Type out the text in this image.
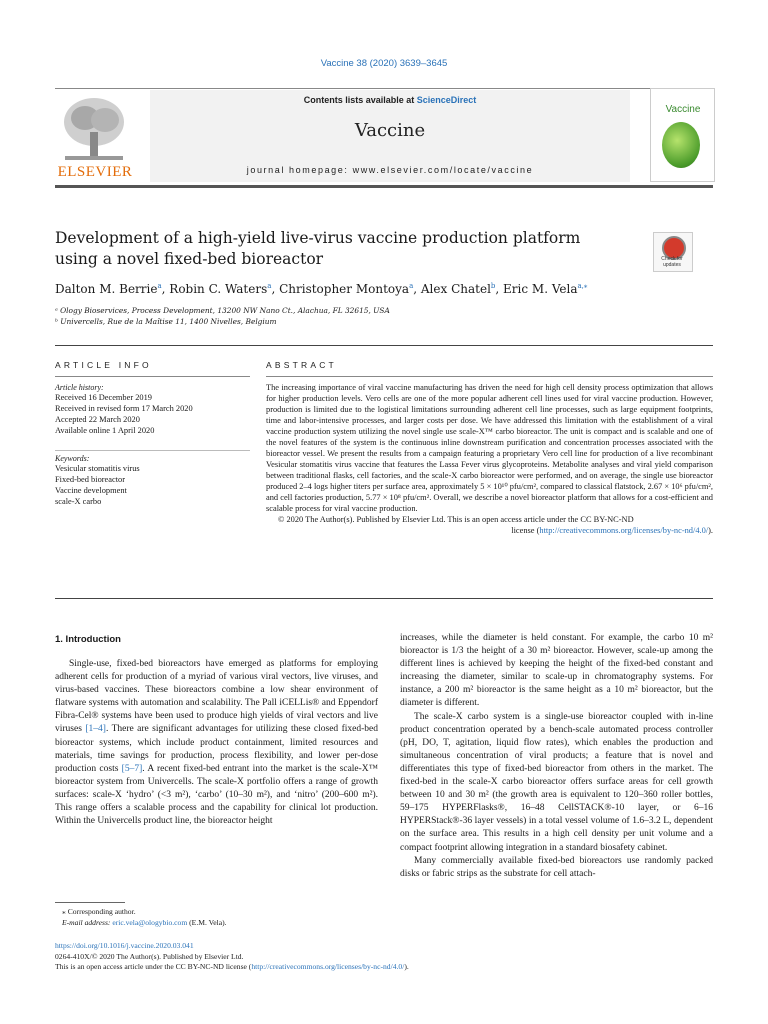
Vaccine 38 (2020) 3639–3645
ELSEVIER
Contents lists available at ScienceDirect
Vaccine
journal homepage: www.elsevier.com/locate/vaccine
Vaccine
Development of a high-yield live-virus vaccine production platform
using a novel fixed-bed bioreactor	Check for updates
Dalton M. Berrie$^a$, Robin C. Waters$^a$, Christopher Montoya$^a$, Alex Chatel$^b$, Eric M. Vela$^{a,⁎}$
ᵃ Ology Bioservices, Process Development, 13200 NW Nano Ct., Alachua, FL 32615, USA
ᵇ Univercells, Rue de la Maîtise 11, 1400 Nivelles, Belgium
ARTICLE INFO
Article history:
Received 16 December 2019
Received in revised form 17 March 2020
Accepted 22 March 2020
Available online 1 April 2020
Keywords:
Vesicular stomatitis virus
Fixed-bed bioreactor
Vaccine development
scale-X carbo
ABSTRACT

The increasing importance of viral vaccine manufacturing has driven the need for high cell density process optimization that allows for higher production levels. Vero cells are one of the more popular adherent cell lines used for viral vaccine production. However, production is limited due to the logistical limitations surrounding adherent cell line processes, such as large equipment footprints, time and labor-intensive processes, and larger costs per dose. We have addressed this limitation with the establishment of a viral vaccine production system utilizing the novel single use scale-X™ carbo bioreactor. The unit is compact and is scalable and one of the novel features of the system is the continuous inline downstream purification and concentration processes associated with the bioreactor vessel. We present the results from a campaign featuring a proprietary Vero cell line for production of a live recombinant Vesicular stomatitis virus vaccine that features the Lassa Fever virus glycoproteins. Metabolite analyses and viral yield comparison between traditional flasks, cell factories, and the scale-X carbo bioreactor were performed, and on average, the single use bioreactor produced 2–4 logs higher titers per surface area, approximately 5 × 10¹⁰ pfu/cm², compared to classical flatstock, 2.67 × 10⁶ pfu/cm², and cell factories production, 5.77 × 10⁸ pfu/cm². Overall, we describe a novel bioreactor platform that allows for a cost-efficient and scalable process for viral vaccine production.

© 2020 The Author(s). Published by Elsevier Ltd. This is an open access article under the CC BY-NC-ND

license (http://creativecommons.org/licenses/by-nc-nd/4.0/).

1. Introduction

Single-use, fixed-bed bioreactors have emerged as platforms for employing adherent cells for production of a myriad of various viral vectors, live viruses, and virus-based vaccines. These bioreactors combine a low shear environment of flatware systems with automation and scalability. The Pall iCELLis® and Eppendorf Fibra-Cel® systems have been used to produce high yields of viral vectors and live viruses [1–4]. There are significant advantages for utilizing these closed fixed-bed bioreactor systems, which include product containment, limited resources and materials, time savings for production, process flexibility, and lower per-dose production costs [5–7]. A recent fixed-bed entrant into the market is the scale-X™ bioreactor system from Univercells. The scale-X portfolio offers a range of growth surfaces: scale-X ‘hydro’ (<3 m²), ‘carbo’ (10–30 m²), and ‘nitro’ (200–600 m²). This range offers a scalable process and the capability for clinical lot production. Within the Univercells product line, the bioreactor height

increases, while the diameter is held constant. For example, the carbo 10 m² bioreactor is 1/3 the height of a 30 m² bioreactor. However, scale-up among the different lines is achieved by keeping the height of the fixed-bed constant and increasing the diameter, similar to scale-up in chromatography systems. For instance, a 200 m² bioreactor is the same height as a 10 m² bioreactor, but the diameter is different.

The scale-X carbo system is a single-use bioreactor coupled with in-line product concentration operated by a bench-scale automated process controller (pH, DO, T, agitation, liquid flow rates), which enables the production and simultaneous concentration of viral products; a feature that is novel and differentiates this type of fixed-bed bioreactor from others in the market. The fixed-bed in the scale-X carbo bioreactor offers surface areas for cell growth between 10 and 30 m² (the growth area is equivalent to 120–360 roller bottles, 59–175 HYPERFlasks®, 16–48 CellSTACK®-10 layer, or 6–16 HYPERStack®-36 layer vessels) in a total vessel volume of 1.6–3.2 L, dependent on the surface area. This results in a high cell density per unit volume and a compact footprint allowing integration in a standard biosafety cabinet.

Many commercially available fixed-bed bioreactors use randomly packed disks or fabric strips as the substrate for cell attach-

⁎ Corresponding author.
E-mail address: eric.vela@ologybio.com (E.M. Vela).
https://doi.org/10.1016/j.vaccine.2020.03.041
0264-410X/© 2020 The Author(s). Published by Elsevier Ltd.
This is an open access article under the CC BY-NC-ND license (http://creativecommons.org/licenses/by-nc-nd/4.0/).
